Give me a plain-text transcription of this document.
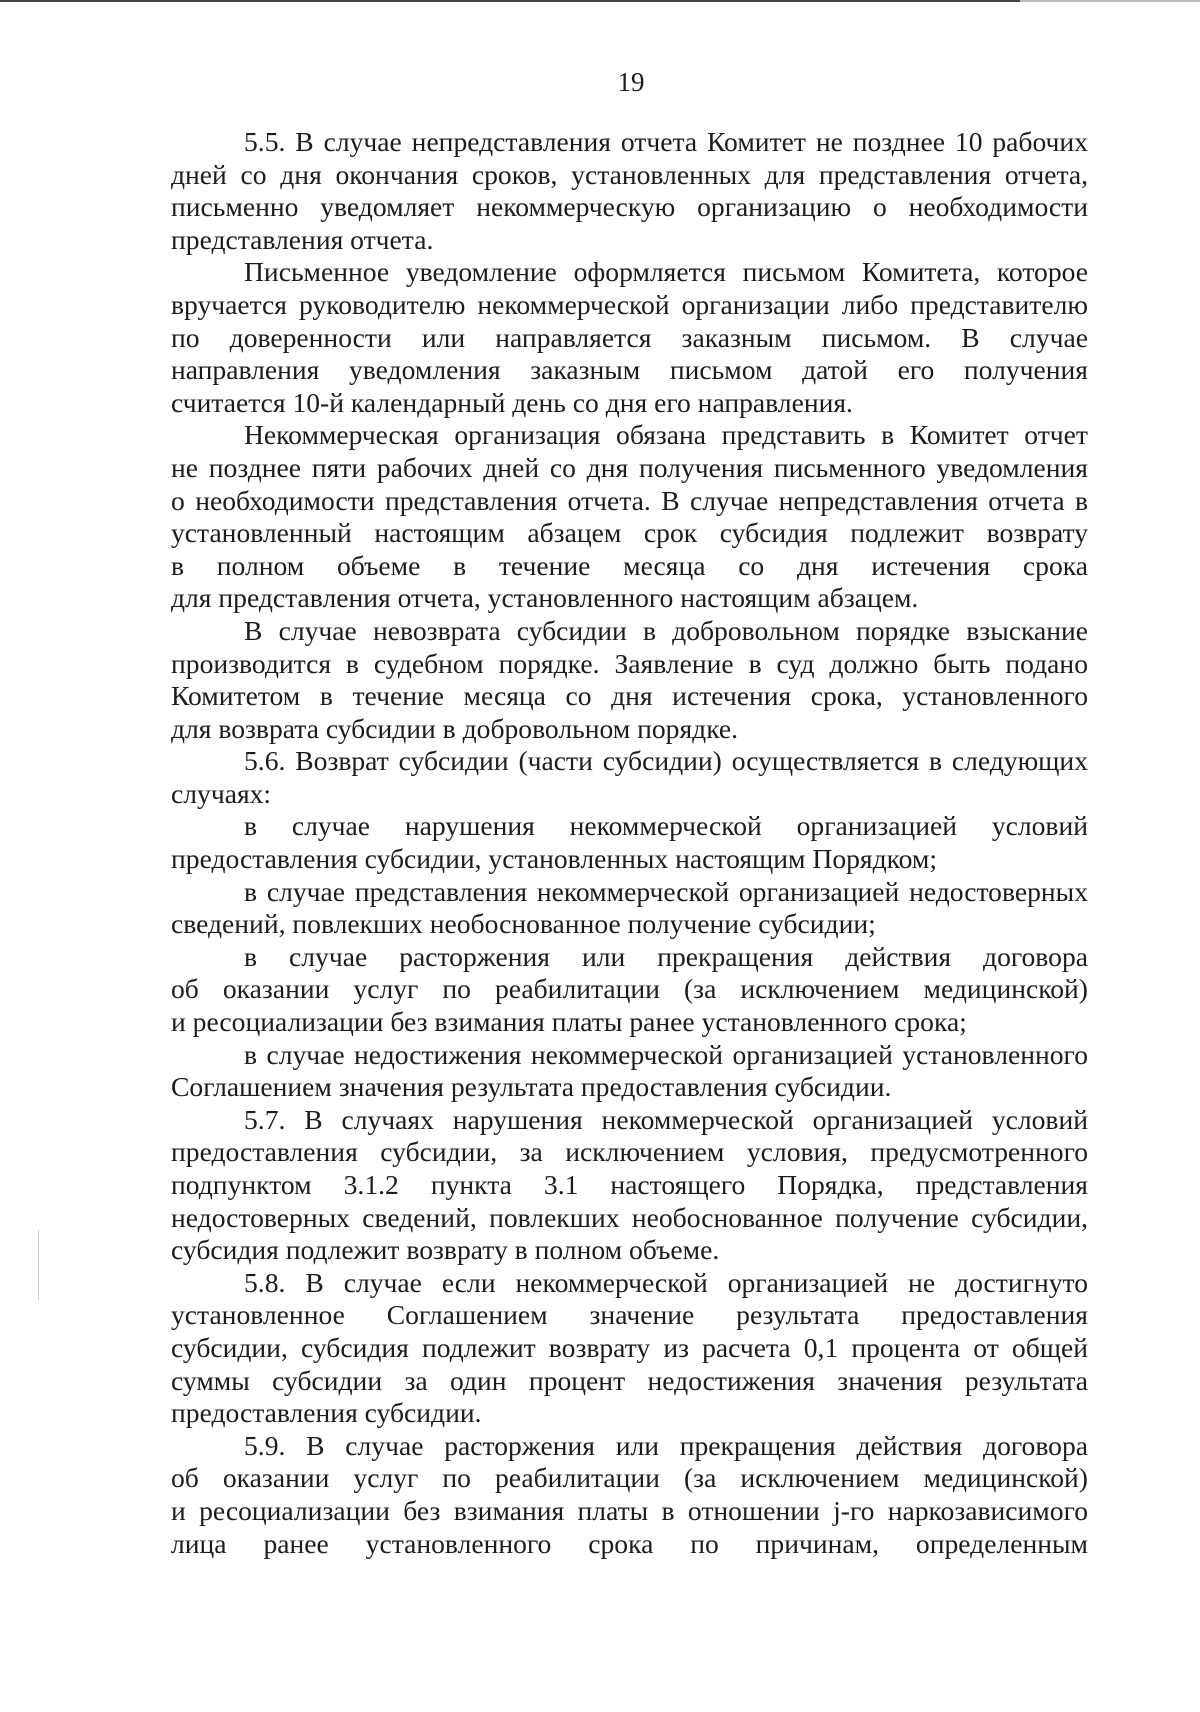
19
5.5. В случае непредставления отчета Комитет не позднее 10 рабочих
дней со дня окончания сроков, установленных для представления отчета,
письменно уведомляет некоммерческую организацию о необходимости
представления отчета.
Письменное уведомление оформляется письмом Комитета, которое
вручается руководителю некоммерческой организации либо представителю
по доверенности или направляется заказным письмом. В случае
направления уведомления заказным письмом датой его получения
считается 10-й календарный день со дня его направления.
Некоммерческая организация обязана представить в Комитет отчет
не позднее пяти рабочих дней со дня получения письменного уведомления
о необходимости представления отчета. В случае непредставления отчета в
установленный настоящим абзацем срок субсидия подлежит возврату
в полном объеме в течение месяца со дня истечения срока
для представления отчета, установленного настоящим абзацем.
В случае невозврата субсидии в добровольном порядке взыскание
производится в судебном порядке. Заявление в суд должно быть подано
Комитетом в течение месяца со дня истечения срока, установленного
для возврата субсидии в добровольном порядке.
5.6. Возврат субсидии (части субсидии) осуществляется в следующих
случаях:
в случае нарушения некоммерческой организацией условий
предоставления субсидии, установленных настоящим Порядком;
в случае представления некоммерческой организацией недостоверных
сведений, повлекших необоснованное получение субсидии;
в случае расторжения или прекращения действия договора
об оказании услуг по реабилитации (за исключением медицинской)
и ресоциализации без взимания платы ранее установленного срока;
в случае недостижения некоммерческой организацией установленного
Соглашением значения результата предоставления субсидии.
5.7. В случаях нарушения некоммерческой организацией условий
предоставления субсидии, за исключением условия, предусмотренного
подпунктом 3.1.2 пункта 3.1 настоящего Порядка, представления
недостоверных сведений, повлекших необоснованное получение субсидии,
субсидия подлежит возврату в полном объеме.
5.8. В случае если некоммерческой организацией не достигнуто
установленное Соглашением значение результата предоставления
субсидии, субсидия подлежит возврату из расчета 0,1 процента от общей
суммы субсидии за один процент недостижения значения результата
предоставления субсидии.
5.9. В случае расторжения или прекращения действия договора
об оказании услуг по реабилитации (за исключением медицинской)
и ресоциализации без взимания платы в отношении j-го наркозависимого
лица ранее установленного срока по причинам, определенным
